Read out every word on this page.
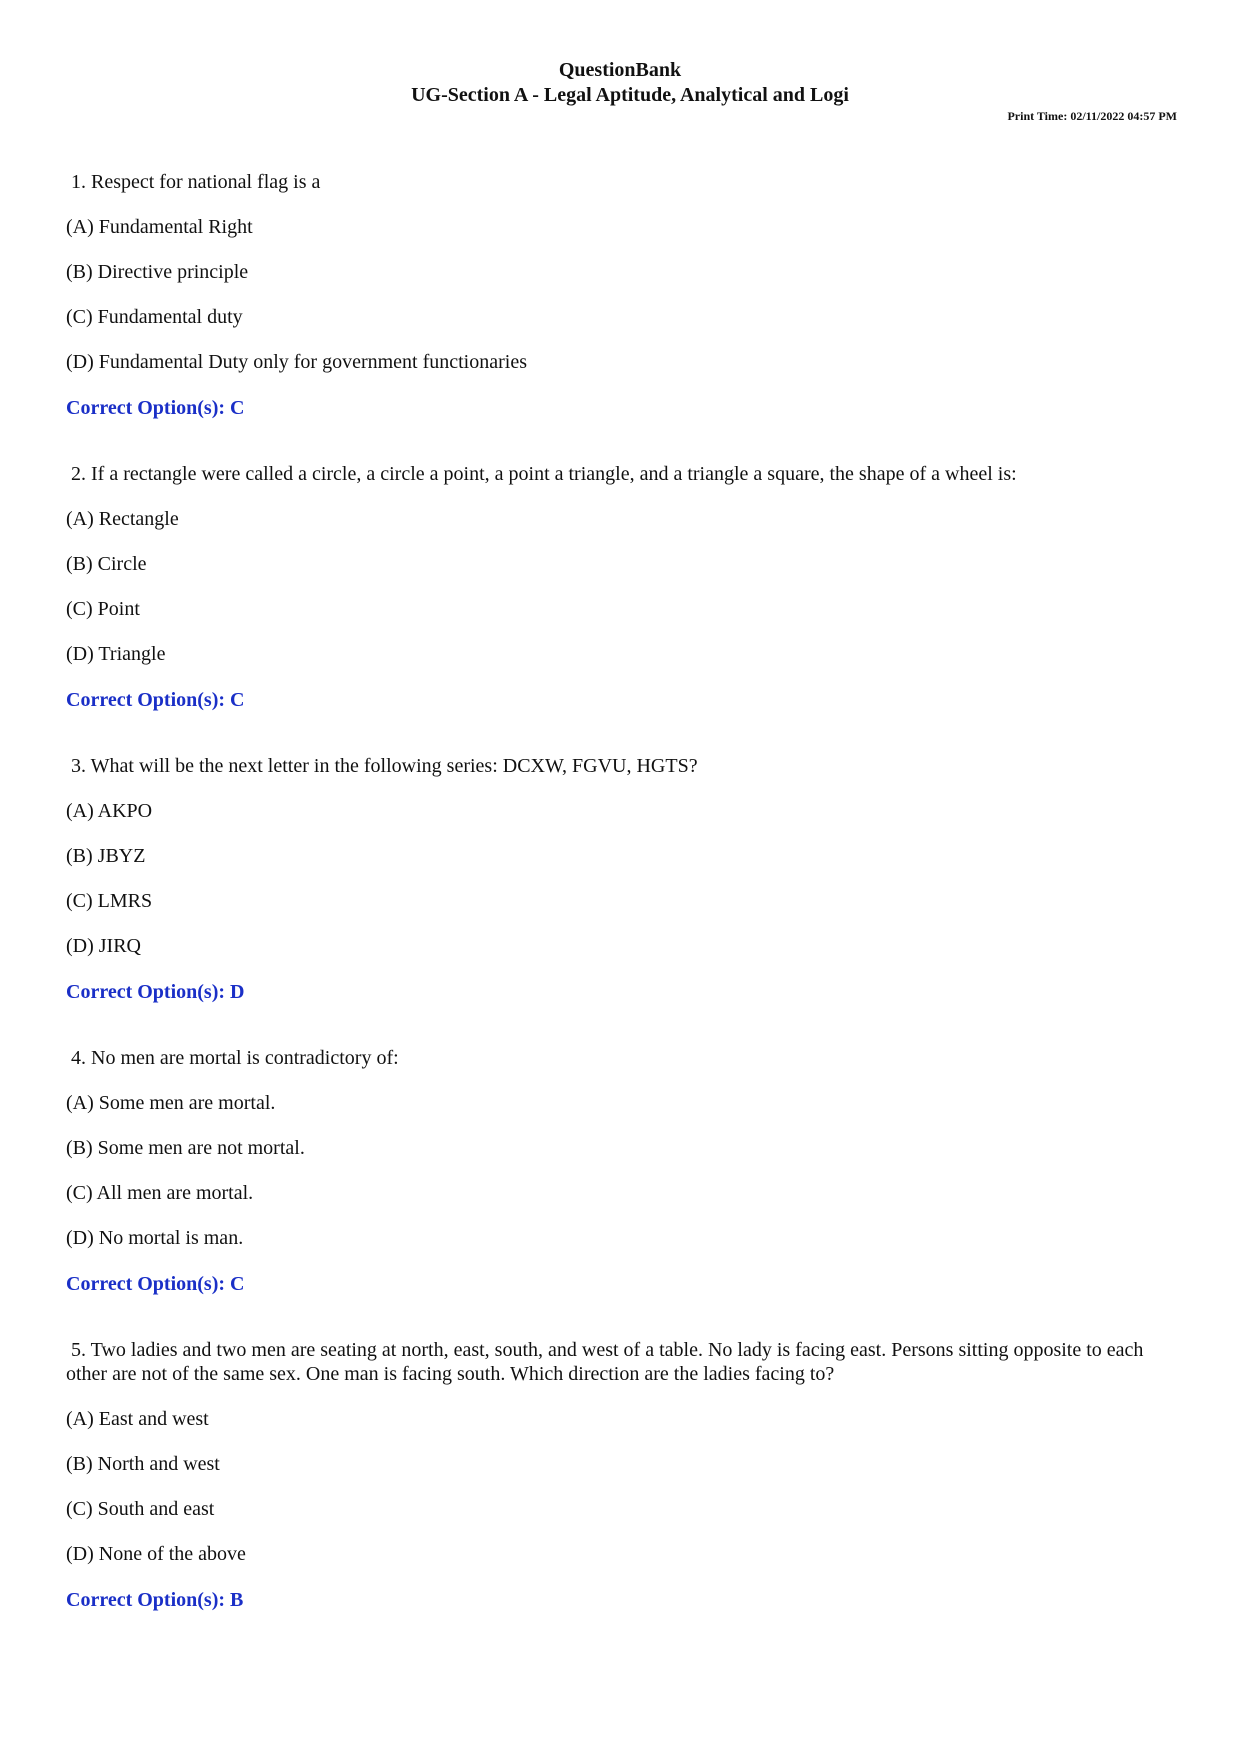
QuestionBank
UG-Section A - Legal Aptitude, Analytical and Logi
Print Time: 02/11/2022 04:57 PM

1. Respect for national flag is a

(A) Fundamental Right
(B) Directive principle
(C) Fundamental duty
(D) Fundamental Duty only for government functionaries
Correct Option(s): C

2. If a rectangle were called a circle, a circle a point, a point a triangle, and a triangle a square, the shape of a wheel is:

(A) Rectangle
(B) Circle
(C) Point
(D) Triangle
Correct Option(s): C

3. What will be the next letter in the following series: DCXW, FGVU, HGTS?

(A) AKPO
(B) JBYZ
(C) LMRS
(D) JIRQ
Correct Option(s): D

4. No men are mortal is contradictory of:

(A) Some men are mortal.
(B) Some men are not mortal.
(C) All men are mortal.
(D) No mortal is man.
Correct Option(s): C

5. Two ladies and two men are seating at north, east, south, and west of a table. No lady is facing east. Persons sitting opposite to each other are not of the same sex. One man is facing south. Which direction are the ladies facing to?

(A) East and west
(B) North and west
(C) South and east
(D) None of the above
Correct Option(s): B
